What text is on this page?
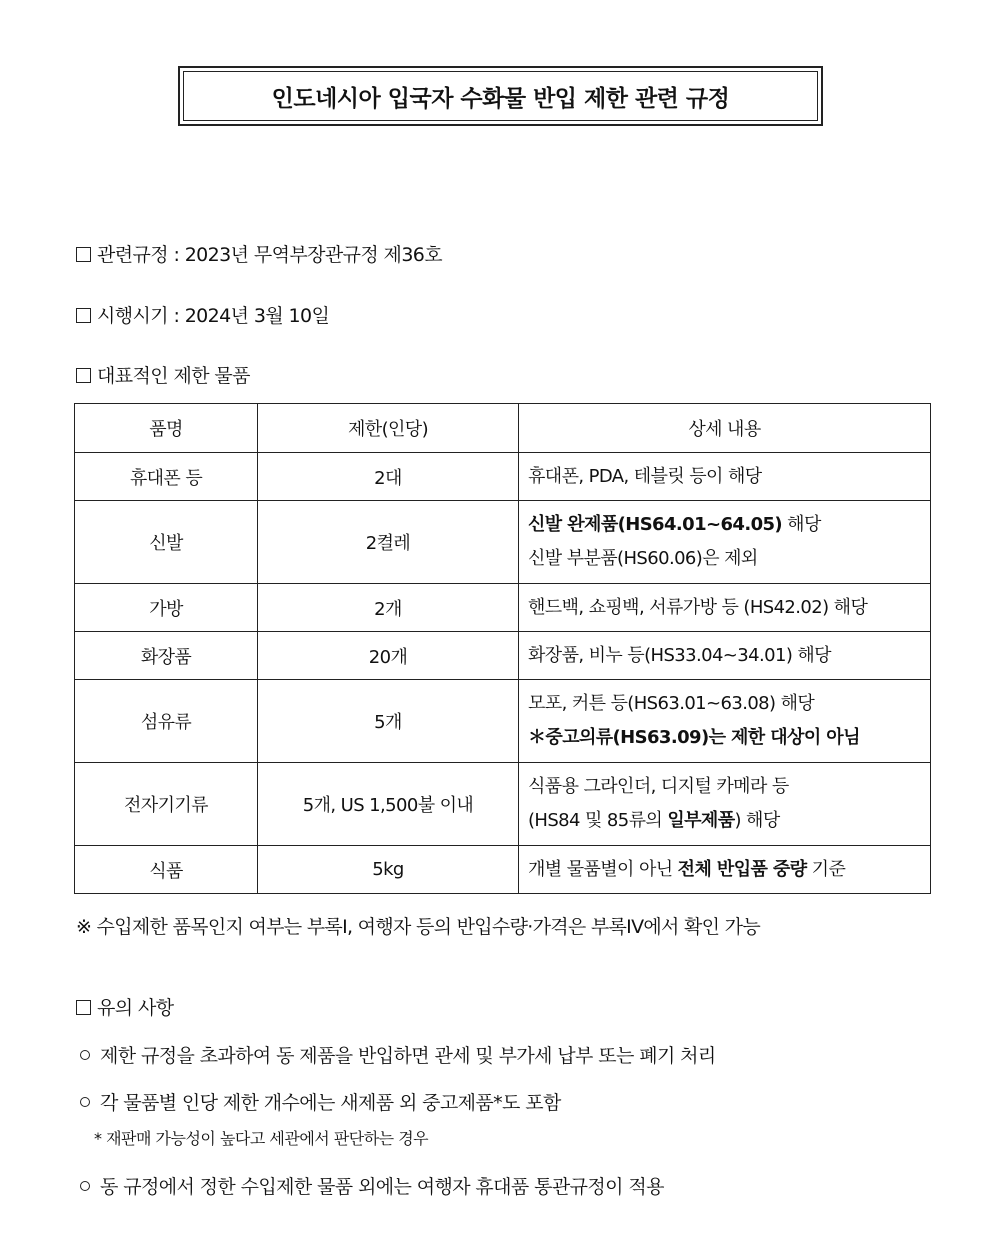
인도네시아 입국자 수화물 반입 제한 관련 규정
관련규정 : 2023년 무역부장관규정 제36호
시행시기 : 2024년 3월 10일
대표적인 제한 물품
품명	제한(인당)	상세 내용
휴대폰 등	2대	휴대폰, PDA, 테블릿 등이 해당

신발	2켤레	신발 완제품(HS64.01~64.05) 해당
신발 부분품(HS60.06)은 제외

가방	2개	핸드백, 쇼핑백, 서류가방 등 (HS42.02) 해당

화장품	20개	화장품, 비누 등(HS33.04~34.01) 해당

섬유류	5개	모포, 커튼 등(HS63.01~63.08) 해당
＊중고의류(HS63.09)는 제한 대상이 아님

전자기기류	5개, US 1,500불 이내	식품용 그라인더, 디지털 카메라 등
(HS84 및 85류의 일부제품) 해당

식품	5kg	개별 물품별이 아닌 전체 반입품 중량 기준
※ 수입제한 품목인지 여부는 부록I, 여행자 등의 반입수량·가격은 부록IV에서 확인 가능
유의 사항
제한 규정을 초과하여 동 제품을 반입하면 관세 및 부가세 납부 또는 폐기 처리
각 물품별 인당 제한 개수에는 새제품 외 중고제품*도 포함
* 재판매 가능성이 높다고 세관에서 판단하는 경우
동 규정에서 정한 수입제한 물품 외에는 여행자 휴대품 통관규정이 적용
